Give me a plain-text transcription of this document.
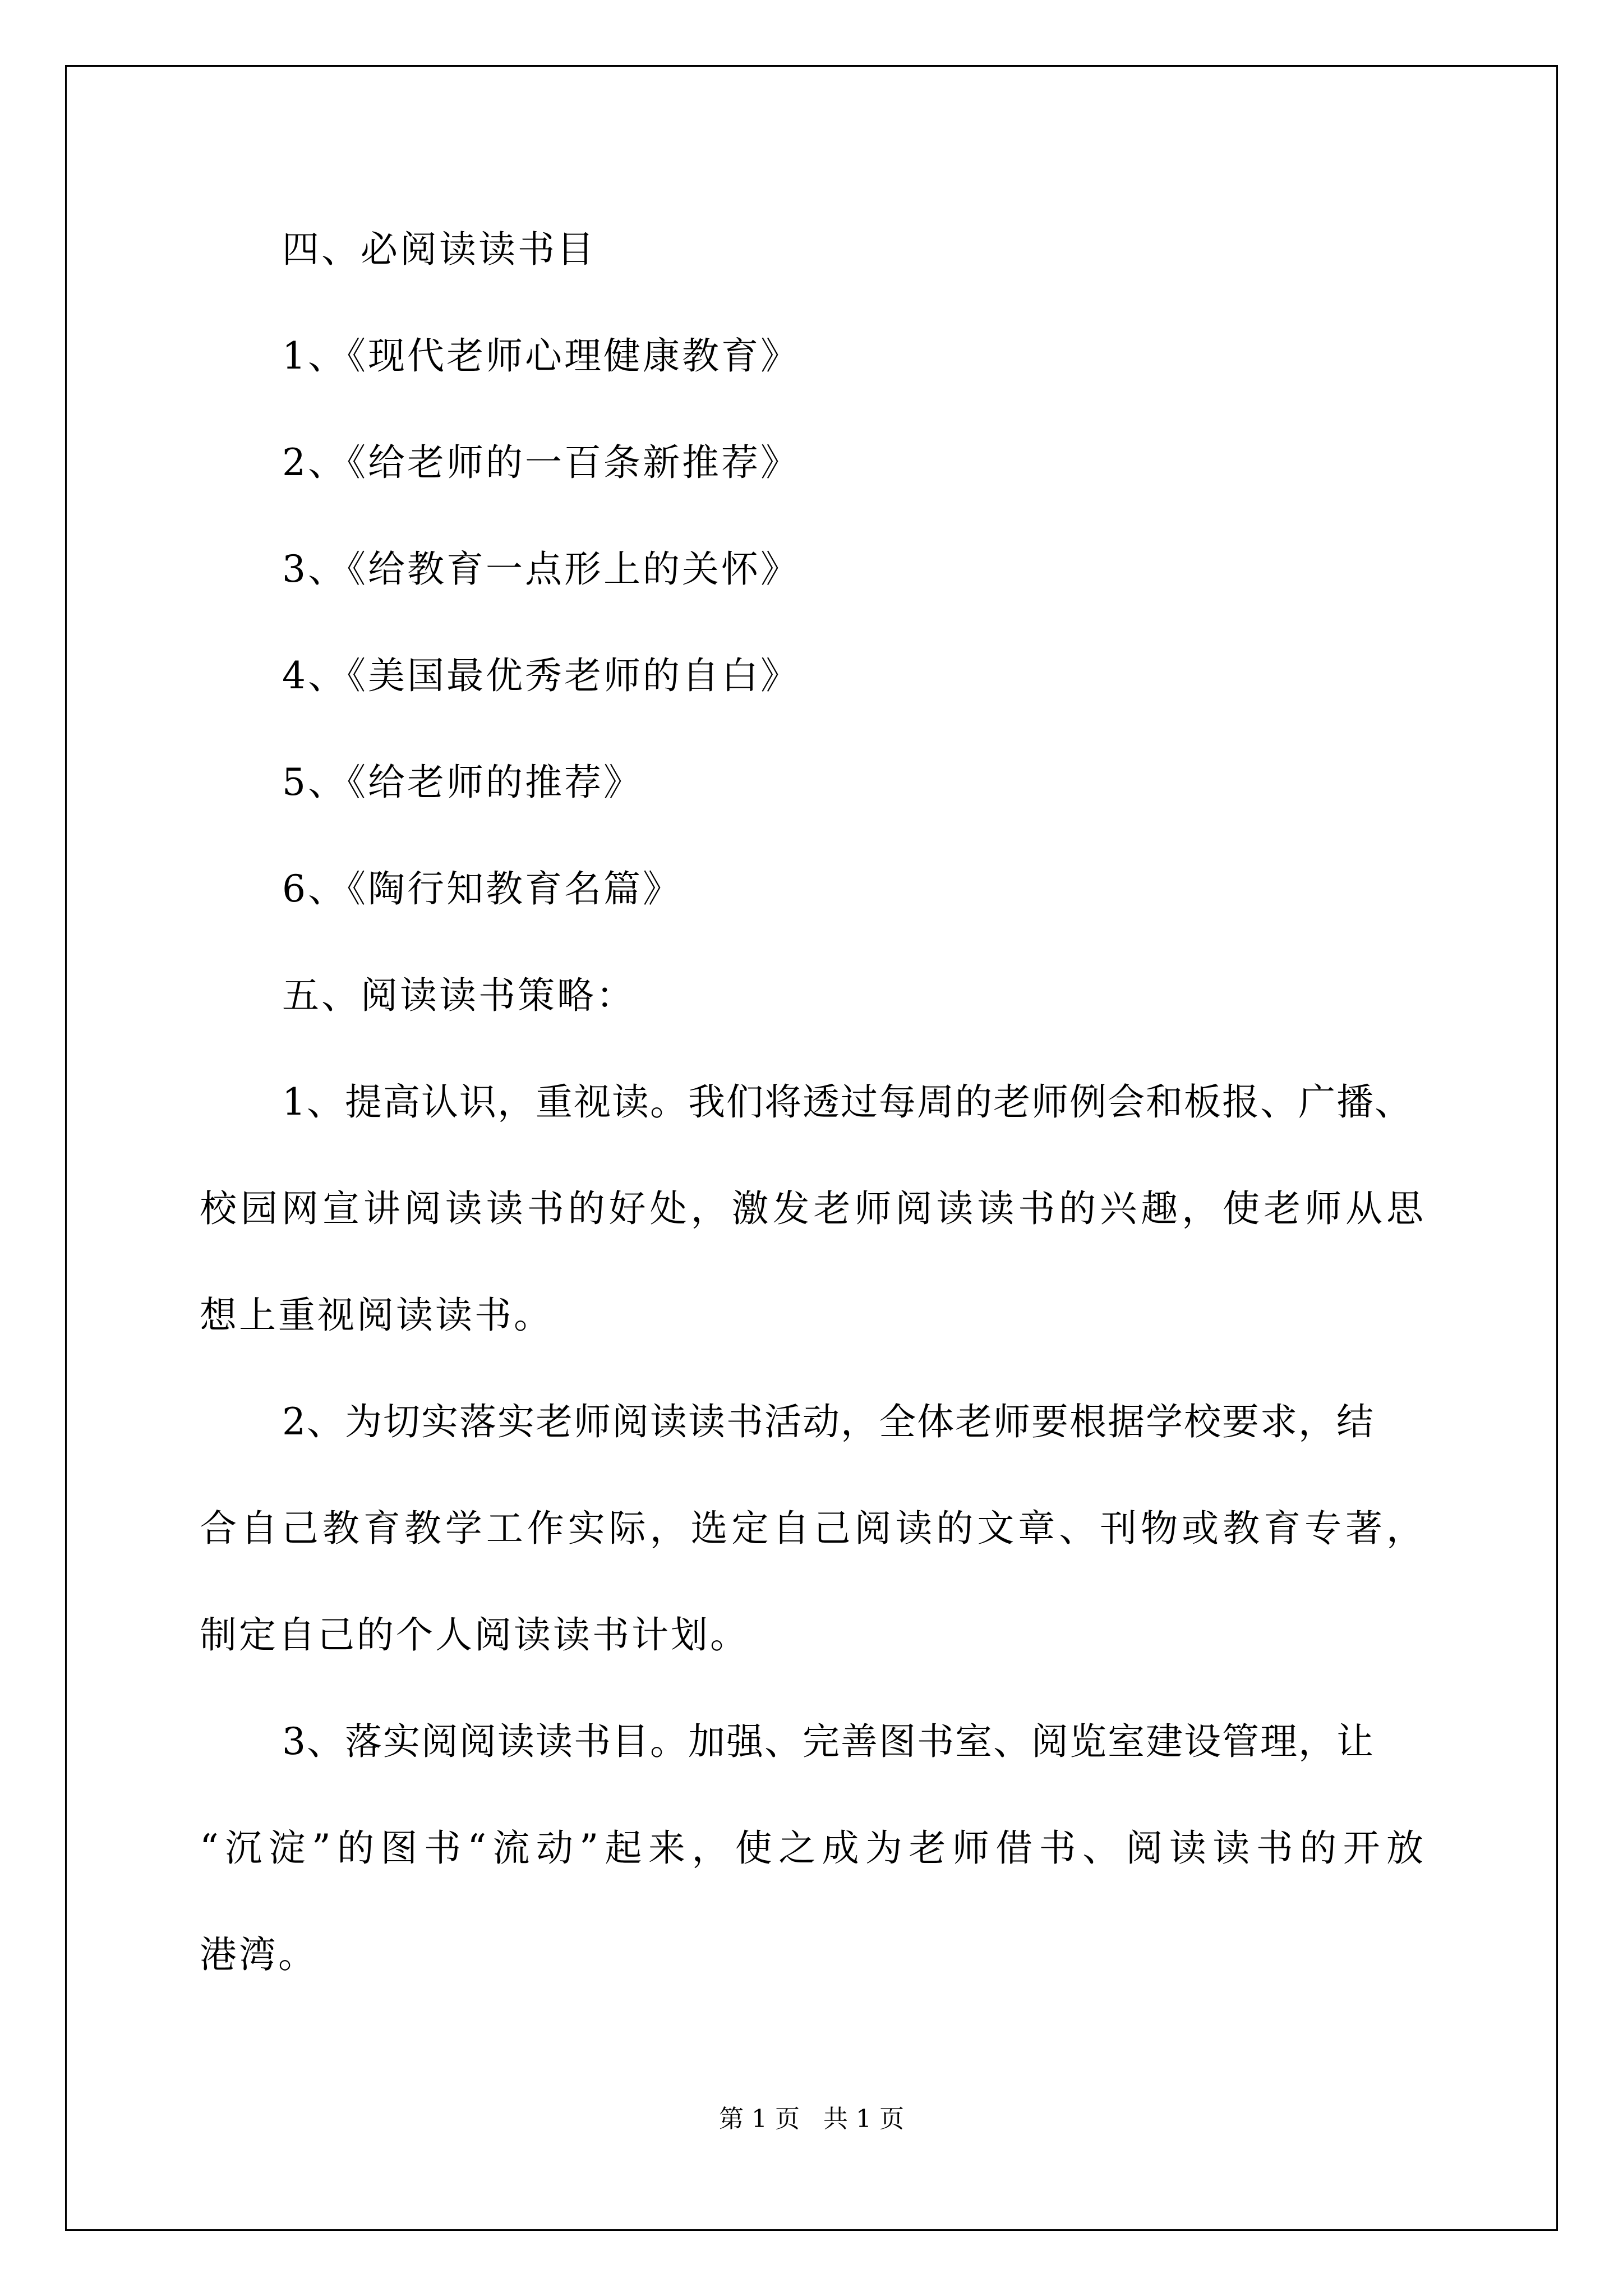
四、必阅读读书目
1、《现代老师心理健康教育》
2、《给老师的一百条新推荐》
3、《给教育一点形上的关怀》
4、《美国最优秀老师的自白》
5、《给老师的推荐》
6、《陶行知教育名篇》
五、阅读读书策略：
1、提高认识，重视读。我们将透过每周的老师例会和板报、广播、
校园网宣讲阅读读书的好处，激发老师阅读读书的兴趣，使老师从思
想上重视阅读读书。
2、为切实落实老师阅读读书活动，全体老师要根据学校要求，结
合自己教育教学工作实际，选定自己阅读的文章、刊物或教育专著，
制定自己的个人阅读读书计划。
3、落实阅阅读读书目。加强、完善图书室、阅览室建设管理，让
“沉淀”的图书“流动”起来，使之成为老师借书、阅读读书的开放
港湾。
第 1 页   共 1 页
